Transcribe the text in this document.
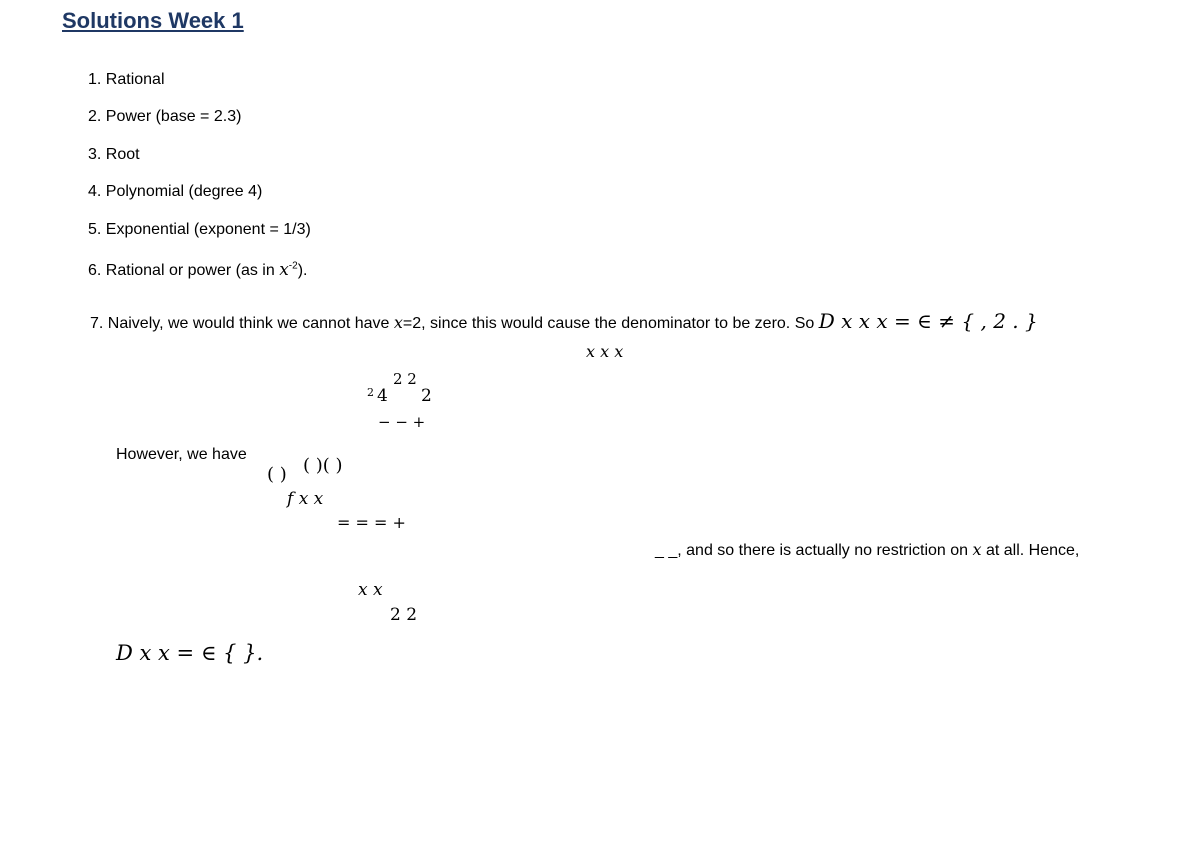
Solutions Week 1
1. Rational
2. Power (base = 2.3)
3. Root
4. Polynomial (degree 4)
5. Exponential (exponent = 1/3)
6. Rational or power (as in $x^{-2}$).
7. Naively, we would think we cannot have x=2, since this would cause the denominator to be zero. So D x x x = ∈ ≠ { , 2 . }
x x x
2 4
2 2
2
− − +
However, we have
( ) ( )( )
f x x
= = = +
_ _, and so there is actually no restriction on x at all. Hence,
x x
2 2
D x x = ∈ { }.
